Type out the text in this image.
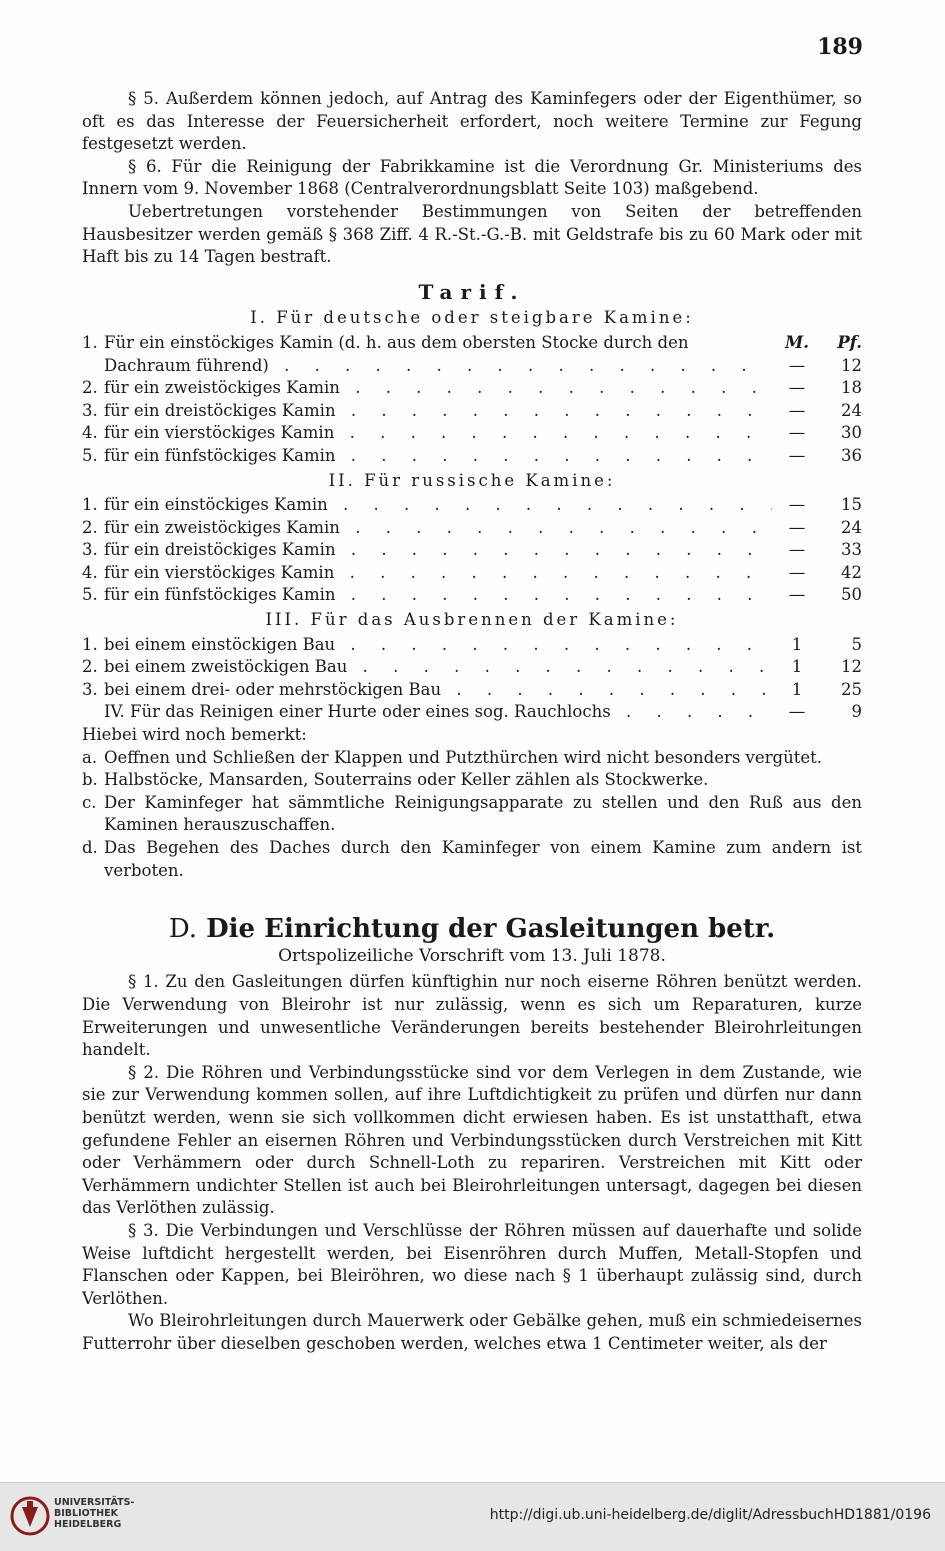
189

§ 5. Außerdem können jedoch, auf Antrag des Kaminfegers oder der Eigenthümer, so oft es das Interesse der Feuersicherheit erfordert, noch weitere Termine zur Fegung festgesetzt werden.

§ 6. Für die Reinigung der Fabrikkamine ist die Verordnung Gr. Ministeriums des Innern vom 9. November 1868 (Centralverordnungsblatt Seite 103) maßgebend.

Uebertretungen vorstehender Bestimmungen von Seiten der betreffenden Hausbesitzer werden gemäß § 368 Ziff. 4 R.-St.-G.-B. mit Geldstrafe bis zu 60 Mark oder mit Haft bis zu 14 Tagen bestraft.

Tarif.
I. Für deutsche oder steigbare Kamine:
1. Für ein einstöckiges Kamin (d. h. aus dem obersten Stocke durch den	M.	Pf.
Dachraum führend) . . .	—	12
2. für ein zweistöckiges Kamin . . .	—	18
3. für ein dreistöckiges Kamin . . .	—	24
4. für ein vierstöckiges Kamin . . .	—	30
5. für ein fünfstöckiges Kamin . . .	—	36
II. Für russische Kamine:
1. für ein einstöckiges Kamin . . .	—	15
2. für ein zweistöckiges Kamin . . .	—	24
3. für ein dreistöckiges Kamin . . .	—	33
4. für ein vierstöckiges Kamin . . .	—	42
5. für ein fünfstöckiges Kamin . . .	—	50
III. Für das Ausbrennen der Kamine:
1. bei einem einstöckigen Bau . . .	1	5
2. bei einem zweistöckigen Bau . . .	1	12
3. bei einem drei- oder mehrstöckigen Bau . . .	1	25
IV. Für das Reinigen einer Hurte oder eines sog. Rauchlochs . . .	—	9
Hiebei wird noch bemerkt:
a. Oeffnen und Schließen der Klappen und Putzthürchen wird nicht besonders vergütet.
b. Halbstöcke, Mansarden, Souterrains oder Keller zählen als Stockwerke.
c. Der Kaminfeger hat sämmtliche Reinigungsapparate zu stellen und den Ruß aus den Kaminen herauszuschaffen.
d. Das Begehen des Daches durch den Kaminfeger von einem Kamine zum andern ist verboten.
D. Die Einrichtung der Gasleitungen betr.
Ortspolizeiliche Vorschrift vom 13. Juli 1878.

§ 1. Zu den Gasleitungen dürfen künftighin nur noch eiserne Röhren benützt werden. Die Verwendung von Bleirohr ist nur zulässig, wenn es sich um Reparaturen, kurze Erweiterungen und unwesentliche Veränderungen bereits bestehender Bleirohrleitungen handelt.

§ 2. Die Röhren und Verbindungsstücke sind vor dem Verlegen in dem Zustande, wie sie zur Verwendung kommen sollen, auf ihre Luftdichtigkeit zu prüfen und dürfen nur dann benützt werden, wenn sie sich vollkommen dicht erwiesen haben. Es ist unstatthaft, etwa gefundene Fehler an eisernen Röhren und Verbindungsstücken durch Verstreichen mit Kitt oder Verhämmern oder durch Schnell-Loth zu repariren. Verstreichen mit Kitt oder Verhämmern undichter Stellen ist auch bei Bleirohrleitungen untersagt, dagegen bei diesen das Verlöthen zulässig.

§ 3. Die Verbindungen und Verschlüsse der Röhren müssen auf dauerhafte und solide Weise luftdicht hergestellt werden, bei Eisenröhren durch Muffen, Metall-Stopfen und Flanschen oder Kappen, bei Bleiröhren, wo diese nach § 1 überhaupt zulässig sind, durch Verlöthen.

Wo Bleirohrleitungen durch Mauerwerk oder Gebälke gehen, muß ein schmiedeisernes Futterrohr über dieselben geschoben werden, welches etwa 1 Centimeter weiter, als der

UNIVERSITÄTS-
BIBLIOTHEK
HEIDELBERG
http://digi.ub.uni-heidelberg.de/diglit/AdressbuchHD1881/0196
